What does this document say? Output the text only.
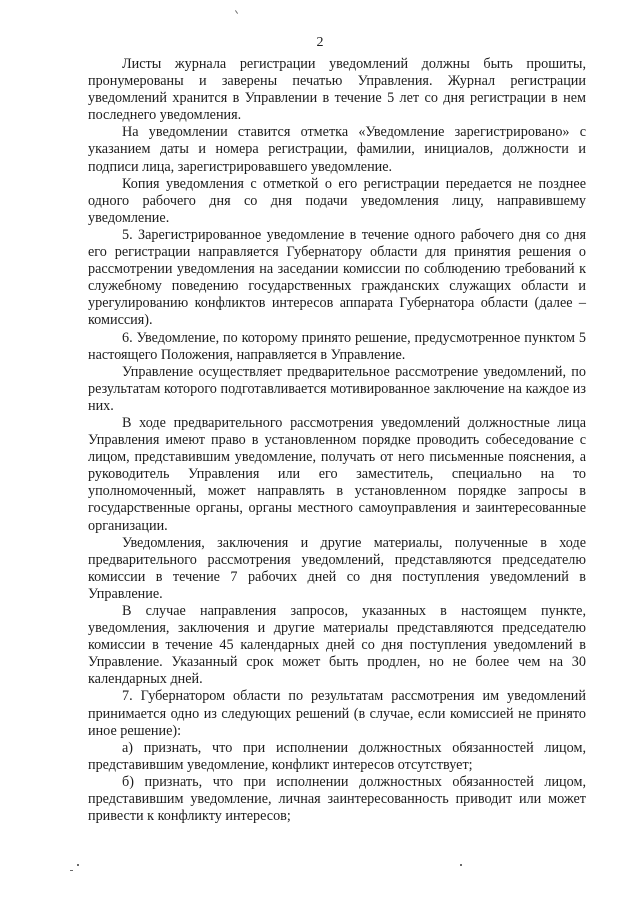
2

Листы журнала регистрации уведомлений должны быть прошиты, пронумерованы и заверены печатью Управления. Журнал регистрации уведомлений хранится в Управлении в течение 5 лет со дня регистрации в нем последнего уведомления.

На уведомлении ставится отметка «Уведомление зарегистрировано» с указанием даты и номера регистрации, фамилии, инициалов, должности и подписи лица, зарегистрировавшего уведомление.

Копия уведомления с отметкой о его регистрации передается не позднее одного рабочего дня со дня подачи уведомления лицу, направившему уведомление.

5. Зарегистрированное уведомление в течение одного рабочего дня со дня его регистрации направляется Губернатору области для принятия решения о рассмотрении уведомления на заседании комиссии по соблюдению требований к служебному поведению государственных гражданских служащих области и урегулированию конфликтов интересов аппарата Губернатора области (далее – комиссия).

6. Уведомление, по которому принято решение, предусмотренное пунктом 5 настоящего Положения, направляется в Управление.

Управление осуществляет предварительное рассмотрение уведомлений, по результатам которого подготавливается мотивированное заключение на каждое из них.

В ходе предварительного рассмотрения уведомлений должностные лица Управления имеют право в установленном порядке проводить собеседование с лицом, представившим уведомление, получать от него письменные пояснения, а руководитель Управления или его заместитель, специально на то уполномоченный, может направлять в установленном порядке запросы в государственные органы, органы местного самоуправления и заинтересованные организации.

Уведомления, заключения и другие материалы, полученные в ходе предварительного рассмотрения уведомлений, представляются председателю комиссии в течение 7 рабочих дней со дня поступления уведомлений в Управление.

В случае направления запросов, указанных в настоящем пункте, уведомления, заключения и другие материалы представляются председателю комиссии в течение 45 календарных дней со дня поступления уведомлений в Управление. Указанный срок может быть продлен, но не более чем на 30 календарных дней.

7. Губернатором области по результатам рассмотрения им уведомлений принимается одно из следующих решений (в случае, если комиссией не принято иное решение):

а) признать, что при исполнении должностных обязанностей лицом, представившим уведомление, конфликт интересов отсутствует;

б) признать, что при исполнении должностных обязанностей лицом, представившим уведомление, личная заинтересованность приводит или может привести к конфликту интересов;
